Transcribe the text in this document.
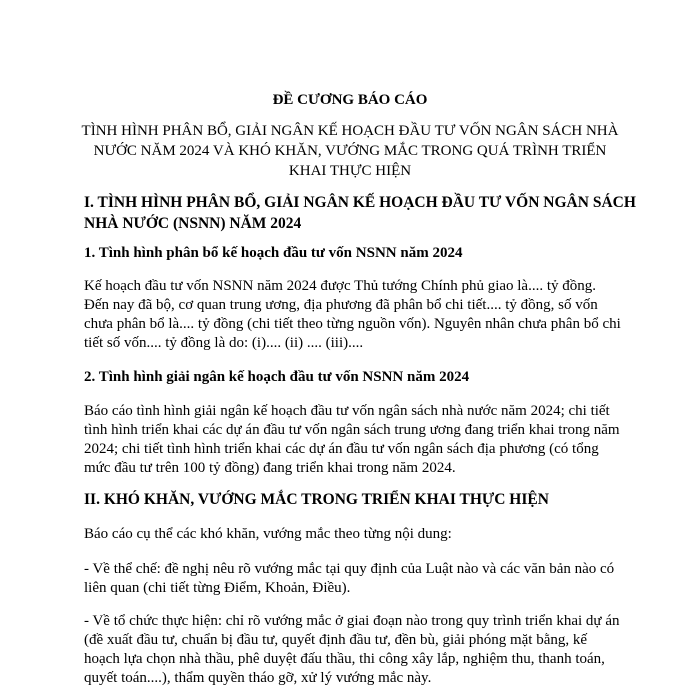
ĐỀ CƯƠNG BÁO CÁO

TÌNH HÌNH PHÂN BỔ, GIẢI NGÂN KẾ HOẠCH ĐẦU TƯ VỐN NGÂN SÁCH NHÀ
NƯỚC NĂM 2024 VÀ KHÓ KHĂN, VƯỚNG MẮC TRONG QUÁ TRÌNH TRIỂN
KHAI THỰC HIỆN

I. TÌNH HÌNH PHÂN BỔ, GIẢI NGÂN KẾ HOẠCH ĐẦU TƯ VỐN NGÂN SÁCH
NHÀ NƯỚC (NSNN) NĂM 2024

1. Tình hình phân bổ kế hoạch đầu tư vốn NSNN năm 2024

Kế hoạch đầu tư vốn NSNN năm 2024 được Thủ tướng Chính phủ giao là.... tỷ đồng.
Đến nay đã bộ, cơ quan trung ương, địa phương đã phân bổ chi tiết.... tỷ đồng, số vốn
chưa phân bổ là.... tỷ đồng (chi tiết theo từng nguồn vốn). Nguyên nhân chưa phân bổ chi
tiết số vốn.... tỷ đồng là do: (i).... (ii) .... (iii)....

2. Tình hình giải ngân kế hoạch đầu tư vốn NSNN năm 2024

Báo cáo tình hình giải ngân kế hoạch đầu tư vốn ngân sách nhà nước năm 2024; chi tiết
tình hình triển khai các dự án đầu tư vốn ngân sách trung ương đang triển khai trong năm
2024; chi tiết tình hình triển khai các dự án đầu tư vốn ngân sách địa phương (có tổng
mức đầu tư trên 100 tỷ đồng) đang triển khai trong năm 2024.

II. KHÓ KHĂN, VƯỚNG MẮC TRONG TRIỂN KHAI THỰC HIỆN

Báo cáo cụ thể các khó khăn, vướng mắc theo từng nội dung:

- Về thể chế: đề nghị nêu rõ vướng mắc tại quy định của Luật nào và các văn bản nào có
liên quan (chi tiết từng Điểm, Khoản, Điều).

- Về tổ chức thực hiện: chỉ rõ vướng mắc ở giai đoạn nào trong quy trình triển khai dự án
(đề xuất đầu tư, chuẩn bị đầu tư, quyết định đầu tư, đền bù, giải phóng mặt bằng, kế
hoạch lựa chọn nhà thầu, phê duyệt đấu thầu, thi công xây lắp, nghiệm thu, thanh toán,
quyết toán....), thẩm quyền tháo gỡ, xử lý vướng mắc này.
